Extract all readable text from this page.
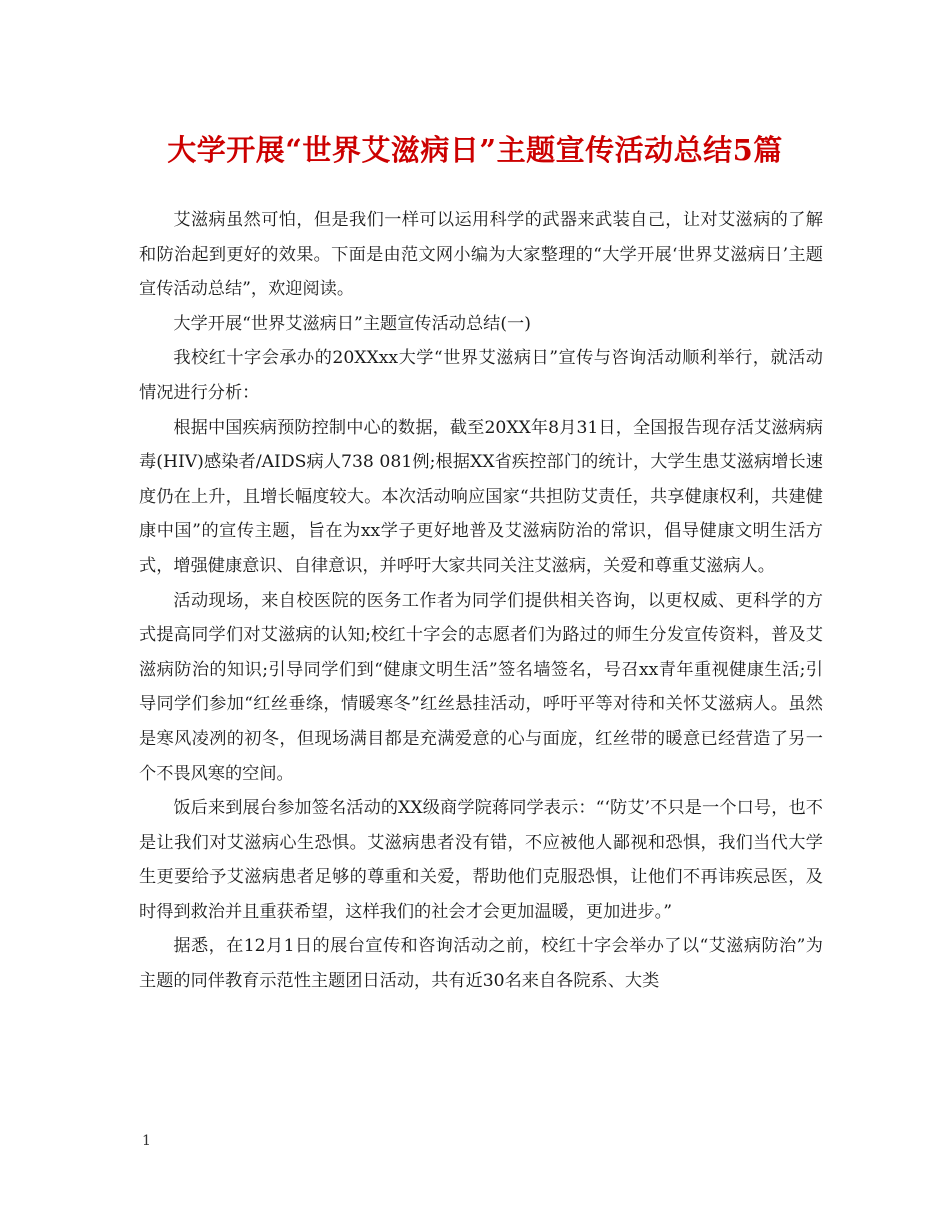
大学开展“世界艾滋病日”主题宣传活动总结5篇

艾滋病虽然可怕，但是我们一样可以运用科学的武器来武装自己，让对艾滋病的了解和防治起到更好的效果。下面是由范文网小编为大家整理的“大学开展‘世界艾滋病日’主题宣传活动总结”，欢迎阅读。

大学开展“世界艾滋病日”主题宣传活动总结(一)

我校红十字会承办的20XXxx大学“世界艾滋病日”宣传与咨询活动顺利举行，就活动情况进行分析：

根据中国疾病预防控制中心的数据，截至20XX年8月31日，全国报告现存活艾滋病病毒(HIV)感染者/AIDS病人738 081例;根据XX省疾控部门的统计，大学生患艾滋病增长速度仍在上升，且增长幅度较大。本次活动响应国家“共担防艾责任，共享健康权利，共建健康中国”的宣传主题，旨在为xx学子更好地普及艾滋病防治的常识，倡导健康文明生活方式，增强健康意识、自律意识，并呼吁大家共同关注艾滋病，关爱和尊重艾滋病人。

活动现场，来自校医院的医务工作者为同学们提供相关咨询，以更权威、更科学的方式提高同学们对艾滋病的认知;校红十字会的志愿者们为路过的师生分发宣传资料，普及艾滋病防治的知识;引导同学们到“健康文明生活”签名墙签名，号召xx青年重视健康生活;引导同学们参加“红丝垂绦，情暖寒冬”红丝悬挂活动，呼吁平等对待和关怀艾滋病人。虽然是寒风凌冽的初冬，但现场满目都是充满爱意的心与面庞，红丝带的暖意已经营造了另一个不畏风寒的空间。

饭后来到展台参加签名活动的XX级商学院蒋同学表示：“‘防艾’不只是一个口号，也不是让我们对艾滋病心生恐惧。艾滋病患者没有错，不应被他人鄙视和恐惧，我们当代大学生更要给予艾滋病患者足够的尊重和关爱，帮助他们克服恐惧，让他们不再讳疾忌医，及时得到救治并且重获希望，这样我们的社会才会更加温暖，更加进步。”

据悉，在12月1日的展台宣传和咨询活动之前，校红十字会举办了以“艾滋病防治”为主题的同伴教育示范性主题团日活动，共有近30名来自各院系、大类

1
